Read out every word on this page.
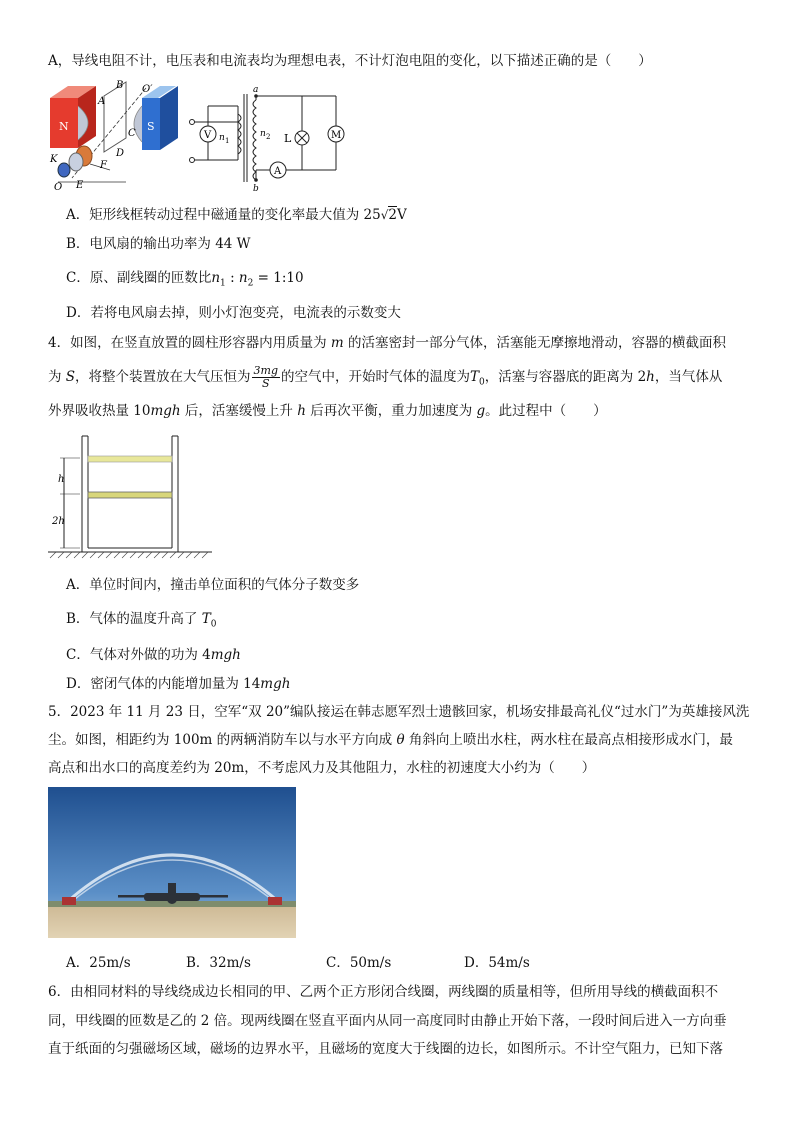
A，导线电阻不计，电压表和电流表均为理想电表，不计灯泡电阻的变化，以下描述正确的是（　　）
N	S
B
A
C
D
O′
K
F
E
O
V n 1
n 2
a
b
L
A
M
A．矩形线框转动过程中磁通量的变化率最大值为 25√2V
B．电风扇的输出功率为 44 W
C．原、副线圈的匝数比$n_1$ : $n_2$ = 1:10
D．若将电风扇去掉，则小灯泡变亮，电流表的示数变大
4．如图，在竖直放置的圆柱形容器内用质量为 m 的活塞密封一部分气体，活塞能无摩擦地滑动，容器的横截面积
为 S，将整个装置放在大气压恒为 $\frac{3mg}{S}$ 的空气中，开始时气体的温度为$T_0$，活塞与容器底的距离为 2h，当气体从
外界吸收热量 10mgh 后，活塞缓慢上升 h 后再次平衡，重力加速度为 g。此过程中（　　）
h
2h
A．单位时间内，撞击单位面积的气体分子数变多
B．气体的温度升高了 $T_0$
C．气体对外做的功为 4mgh
D．密闭气体的内能增加量为 14mgh
5．2023 年 11 月 23 日，空军“双 20”编队接运在韩志愿军烈士遗骸回家，机场安排最高礼仪“过水门”为英雄接风洗
尘。如图，相距约为 100m 的两辆消防车以与水平方向成 θ 角斜向上喷出水柱，两水柱在最高点相接形成水门，最
高点和出水口的高度差约为 20m，不考虑风力及其他阻力，水柱的初速度大小约为（　　）
A．25m/s	B．32m/s	C．50m/s	D．54m/s
6．由相同材料的导线绕成边长相同的甲、乙两个正方形闭合线圈，两线圈的质量相等，但所用导线的横截面积不
同，甲线圈的匝数是乙的 2 倍。现两线圈在竖直平面内从同一高度同时由静止开始下落，一段时间后进入一方向垂
直于纸面的匀强磁场区域，磁场的边界水平，且磁场的宽度大于线圈的边长，如图所示。不计空气阻力，已知下落
